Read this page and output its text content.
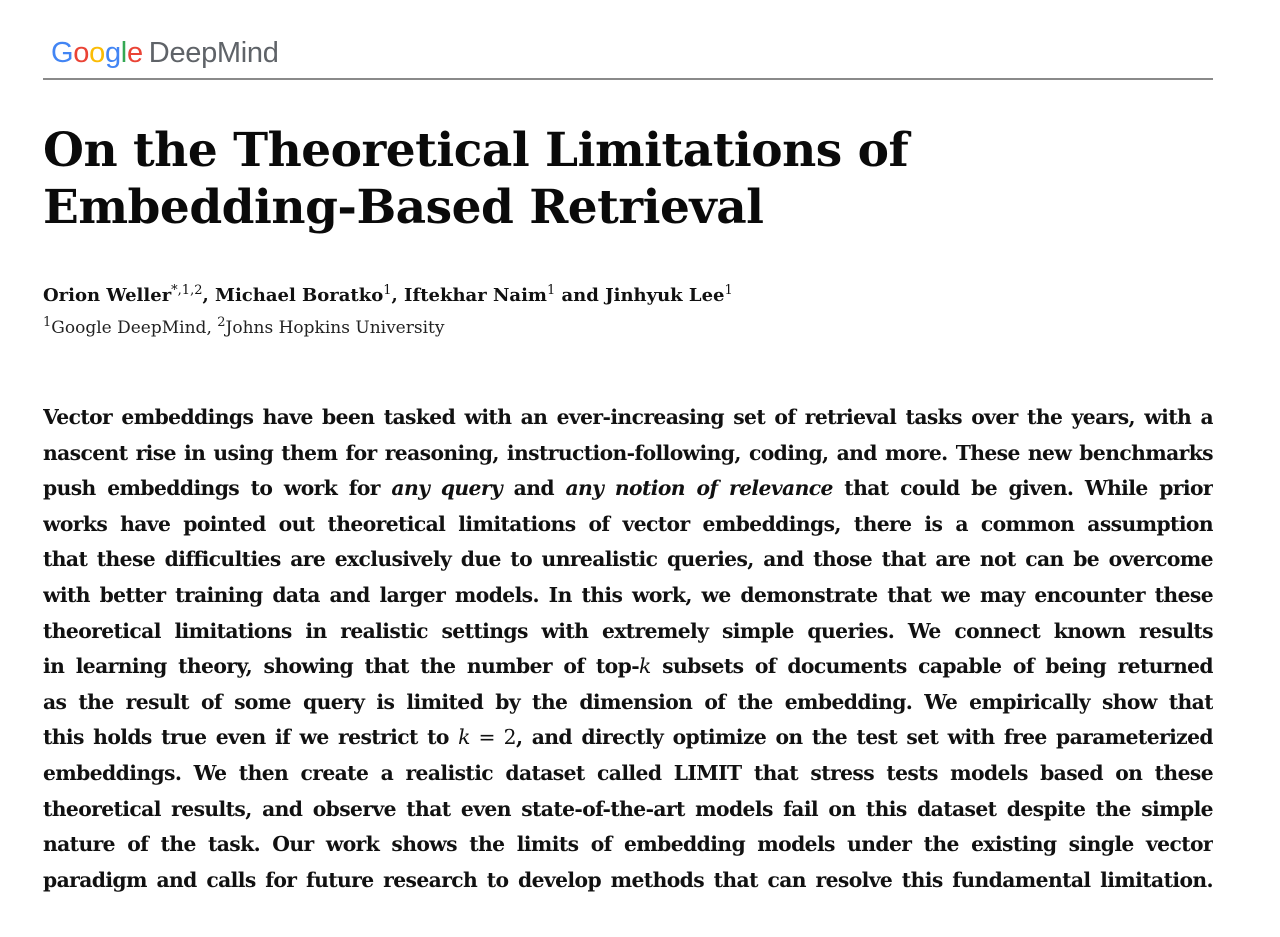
Google DeepMind
On the Theoretical Limitations of
Embedding-Based Retrieval
Orion Weller$^{*,1,2}$, Michael Boratko$^1$, Iftekhar Naim$^1$ and Jinhyuk Lee$^1$
$^1$Google DeepMind, $^2$Johns Hopkins University
Vector embeddings have been tasked with an ever-increasing set of retrieval tasks over the years, with a
nascent rise in using them for reasoning, instruction-following, coding, and more. These new benchmarks
push embeddings to work for any query and any notion of relevance that could be given. While prior
works have pointed out theoretical limitations of vector embeddings, there is a common assumption
that these difficulties are exclusively due to unrealistic queries, and those that are not can be overcome
with better training data and larger models. In this work, we demonstrate that we may encounter these
theoretical limitations in realistic settings with extremely simple queries. We connect known results
in learning theory, showing that the number of top-k subsets of documents capable of being returned
as the result of some query is limited by the dimension of the embedding. We empirically show that
this holds true even if we restrict to k = 2, and directly optimize on the test set with free parameterized
embeddings. We then create a realistic dataset called LIMIT that stress tests models based on these
theoretical results, and observe that even state-of-the-art models fail on this dataset despite the simple
nature of the task. Our work shows the limits of embedding models under the existing single vector
paradigm and calls for future research to develop methods that can resolve this fundamental limitation.
